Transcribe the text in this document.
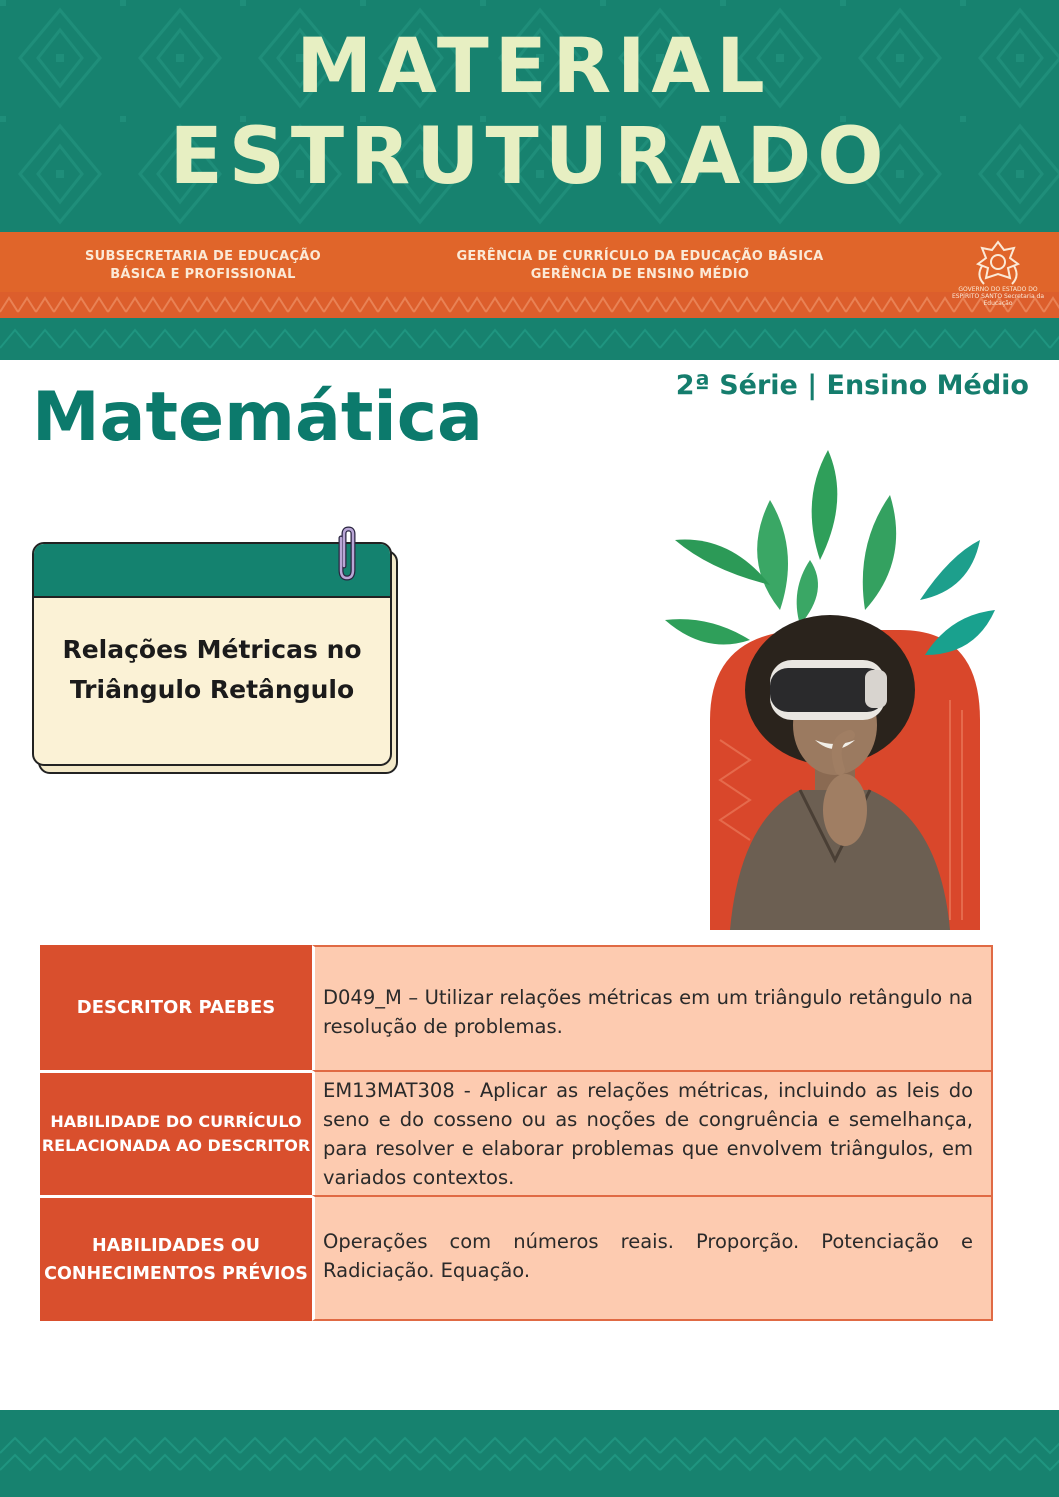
MATERIAL
ESTRUTURADO
SUBSECRETARIA DE EDUCAÇÃO BÁSICA E PROFISSIONAL
GERÊNCIA DE CURRÍCULO DA EDUCAÇÃO BÁSICA GERÊNCIA DE ENSINO MÉDIO
GOVERNO DO ESTADO DO ESPÍRITO SANTO Secretaria da Educação
Matemática	2ª Série | Ensino Médio
Relações Métricas no
Triângulo Retângulo
DESCRITOR PAEBES D049_M – Utilizar relações métricas em um triângulo retângulo na resolução de problemas.
HABILIDADE DO CURRÍCULO RELACIONADA AO DESCRITOR
EM13MAT308 - Aplicar as relações métricas, incluindo as leis do seno e do cosseno ou as noções de congruência e semelhança, para resolver e elaborar problemas que envolvem triângulos, em variados contextos.
HABILIDADES OU CONHECIMENTOS PRÉVIOS
Operações com números reais. Proporção. Potenciação e Radiciação. Equação.
